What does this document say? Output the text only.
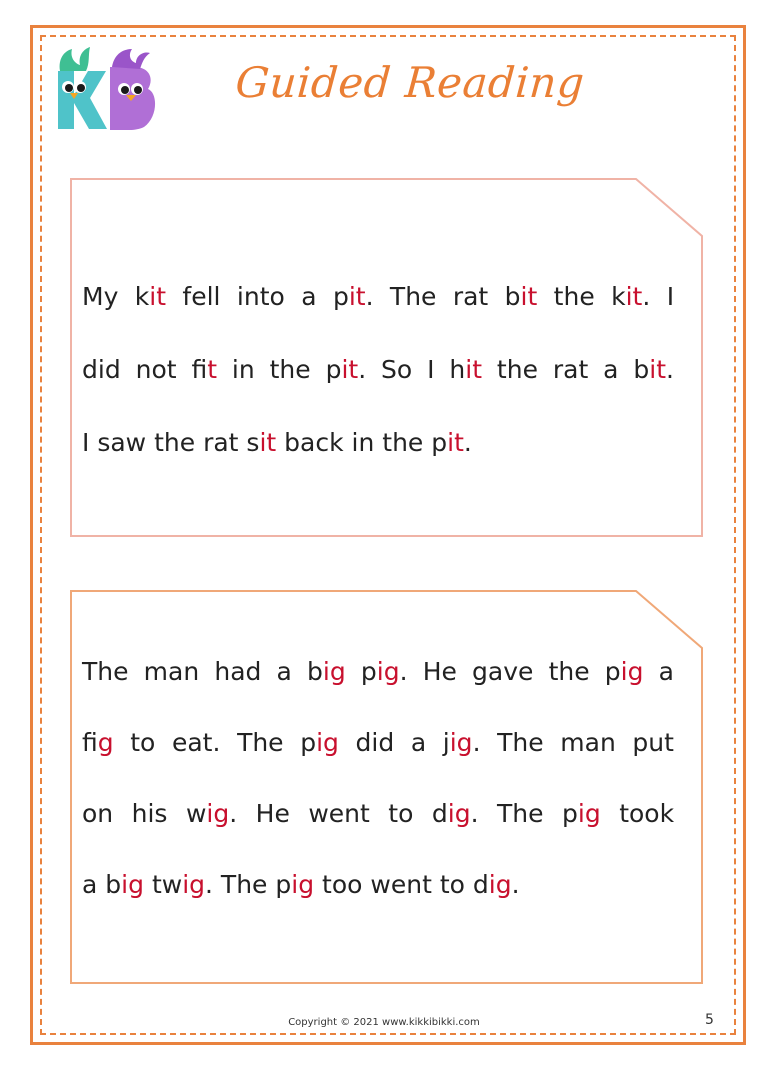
Guided Reading
My kit fell into a pit. The rat bit the kit. I
did not fit in the pit. So I hit the rat a bit.
I saw the rat sit back in the pit.
The man had a big pig. He gave the pig a
fig to eat. The pig did a jig. The man put
on his wig. He went to dig. The pig took
a big twig. The pig too went to dig.
Copyright © 2021 www.kikkibikki.com	5
